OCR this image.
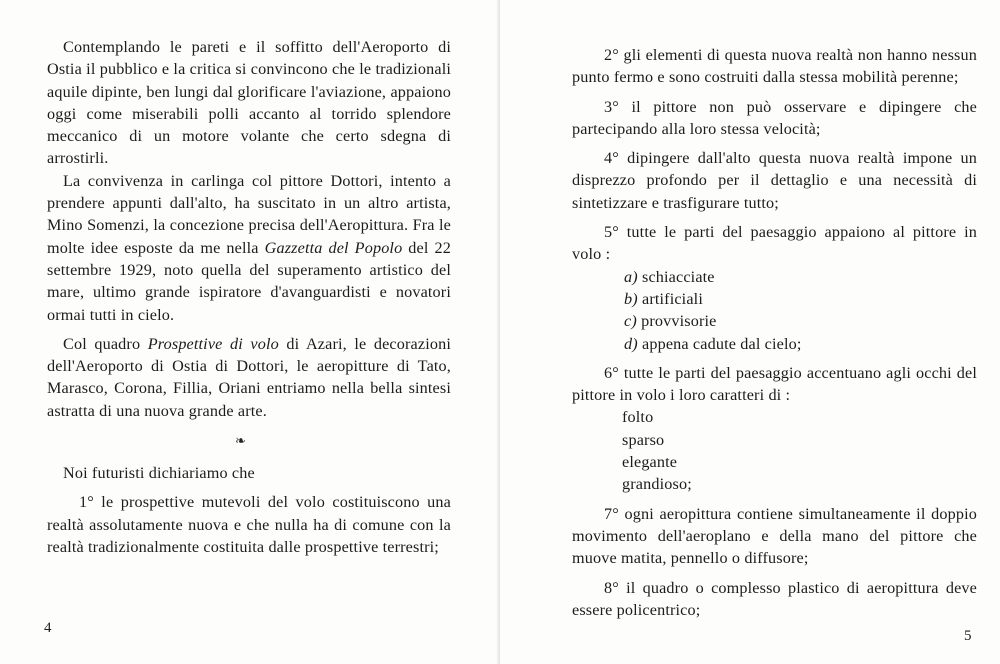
Contemplando le pareti e il soffitto dell'Aeroporto di Ostia il pubblico e la critica si convincono che le tradizionali aquile dipinte, ben lungi dal glorificare l'aviazione, appaiono oggi come miserabili polli accanto al torrido splendore meccanico di un motore volante che certo sdegna di arrostirli.

La convivenza in carlinga col pittore Dottori, intento a prendere appunti dall'alto, ha suscitato in un altro artista, Mino Somenzi, la concezione precisa dell'Aeropittura. Fra le molte idee esposte da me nella Gazzetta del Popolo del 22 settembre 1929, noto quella del superamento artistico del mare, ultimo grande ispiratore d'avanguardisti e novatori ormai tutti in cielo.

Col quadro Prospettive di volo di Azari, le decorazioni dell'Aeroporto di Ostia di Dottori, le aeropitture di Tato, Marasco, Corona, Fillia, Oriani entriamo nella bella sintesi astratta di una nuova grande arte.

❧

Noi futuristi dichiariamo che

1° le prospettive mutevoli del volo costituiscono una realtà assolutamente nuova e che nulla ha di comune con la realtà tradizionalmente costituita dalle prospettive terrestri;

4

2° gli elementi di questa nuova realtà non hanno nessun punto fermo e sono costruiti dalla stessa mobilità perenne;

3° il pittore non può osservare e dipingere che partecipando alla loro stessa velocità;

4° dipingere dall'alto questa nuova realtà impone un disprezzo profondo per il dettaglio e una necessità di sintetizzare e trasfigurare tutto;

5° tutte le parti del paesaggio appaiono al pittore in volo :

a) schiacciate

b) artificiali

c) provvisorie

d) appena cadute dal cielo;

6° tutte le parti del paesaggio accentuano agli occhi del pittore in volo i loro caratteri di :

folto

sparso

elegante

grandioso;

7° ogni aeropittura contiene simultaneamente il doppio movimento dell'aeroplano e della mano del pittore che muove matita, pennello o diffusore;

8° il quadro o complesso plastico di aeropittura deve essere policentrico;

5
